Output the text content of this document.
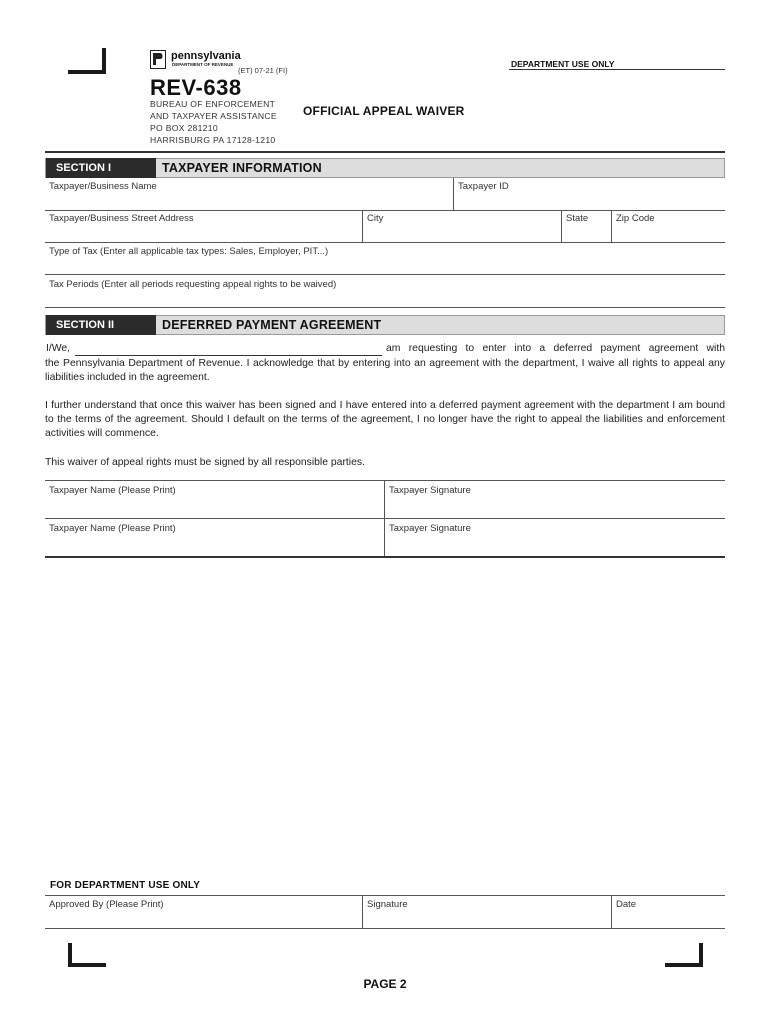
pennsylvania
DEPARTMENT OF REVENUE
(ET) 07-21 (FI)
REV-638
BUREAU OF ENFORCEMENT
AND TAXPAYER ASSISTANCE
PO BOX 281210
HARRISBURG PA 17128-1210
OFFICIAL APPEAL WAIVER
DEPARTMENT USE ONLY
SECTION I	TAXPAYER INFORMATION
Taxpayer/Business Name	Taxpayer ID
Taxpayer/Business Street Address	City	State	Zip Code
Type of Tax (Enter all applicable tax types: Sales, Employer, PIT...)
Tax Periods (Enter all periods requesting appeal rights to be waived)
SECTION II	DEFERRED PAYMENT AGREEMENT
I/We,	am requesting to enter into a deferred payment agreement with
the Pennsylvania Department of Revenue. I acknowledge that by entering into an agreement with the department, I waive all rights to appeal any liabilities included in the agreement.
I further understand that once this waiver has been signed and I have entered into a deferred payment agreement with the department I am bound to the terms of the agreement. Should I default on the terms of the agreement, I no longer have the right to appeal the liabilities and enforcement activities will commence.
This waiver of appeal rights must be signed by all responsible parties.
Taxpayer Name (Please Print)	Taxpayer Signature
Taxpayer Name (Please Print)	Taxpayer Signature
FOR DEPARTMENT USE ONLY
Approved By (Please Print)	Signature	Date
PAGE 2
